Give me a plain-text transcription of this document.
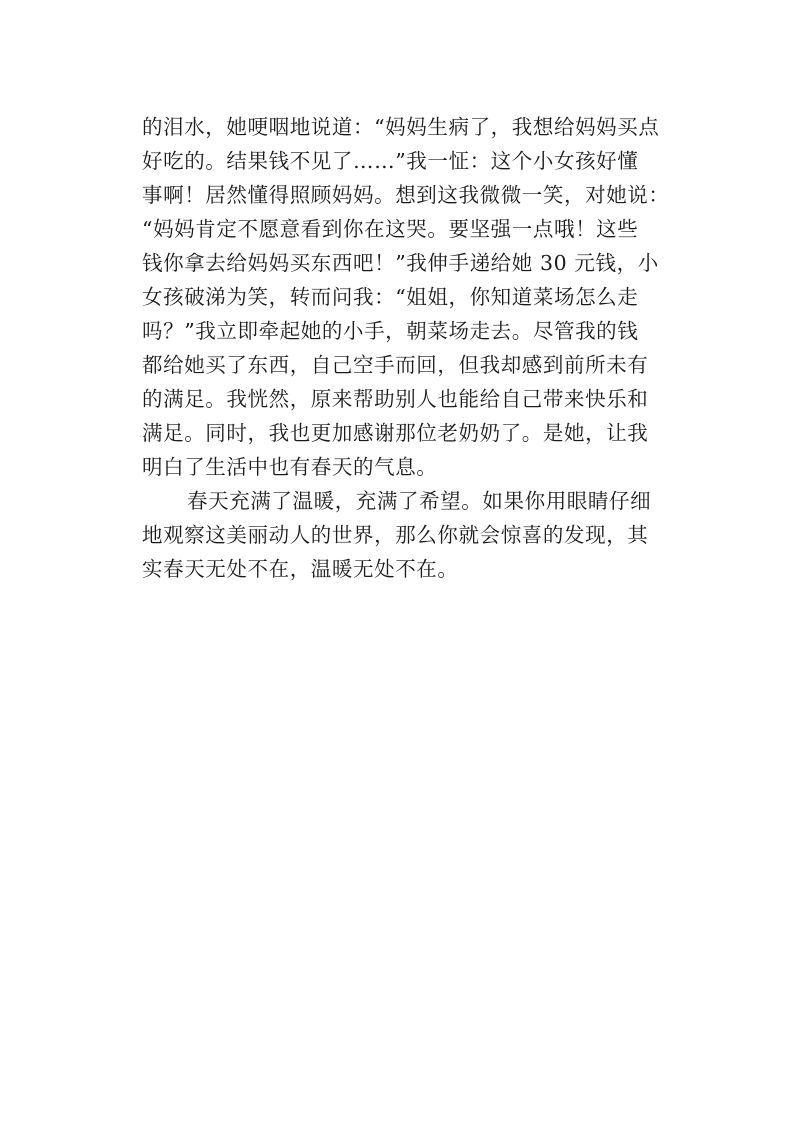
的泪水，她哽咽地说道：“妈妈生病了，我想给妈妈买点
好吃的。结果钱不见了……”我一怔：这个小女孩好懂
事啊！居然懂得照顾妈妈。想到这我微微一笑，对她说：
“妈妈肯定不愿意看到你在这哭。要坚强一点哦！这些
钱你拿去给妈妈买东西吧！”我伸手递给她 30 元钱，小
女孩破涕为笑，转而问我：“姐姐，你知道菜场怎么走
吗？”我立即牵起她的小手，朝菜场走去。尽管我的钱
都给她买了东西，自己空手而回，但我却感到前所未有
的满足。我恍然，原来帮助别人也能给自己带来快乐和
满足。同时，我也更加感谢那位老奶奶了。是她，让我
明白了生活中也有春天的气息。
春天充满了温暖，充满了希望。如果你用眼睛仔细
地观察这美丽动人的世界，那么你就会惊喜的发现，其
实春天无处不在，温暖无处不在。
